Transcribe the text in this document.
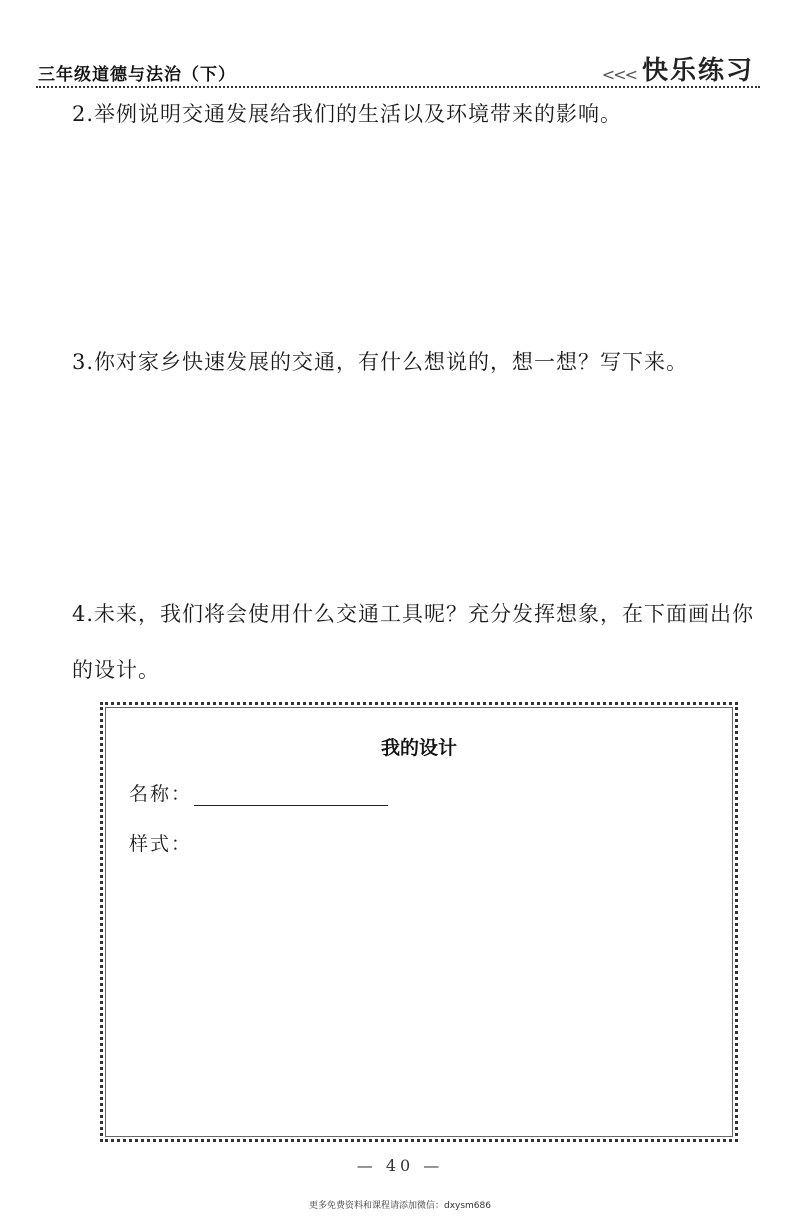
三年级道德与法治（下）	<<< 快乐练习
2.举例说明交通发展给我们的生活以及环境带来的影响。
3.你对家乡快速发展的交通，有什么想说的，想一想？写下来。
4.未来，我们将会使用什么交通工具呢？充分发挥想象，在下面画出你的设计。
我的设计
名称：
样式：
— 40 —
更多免费资料和课程请添加微信：dxysm686
